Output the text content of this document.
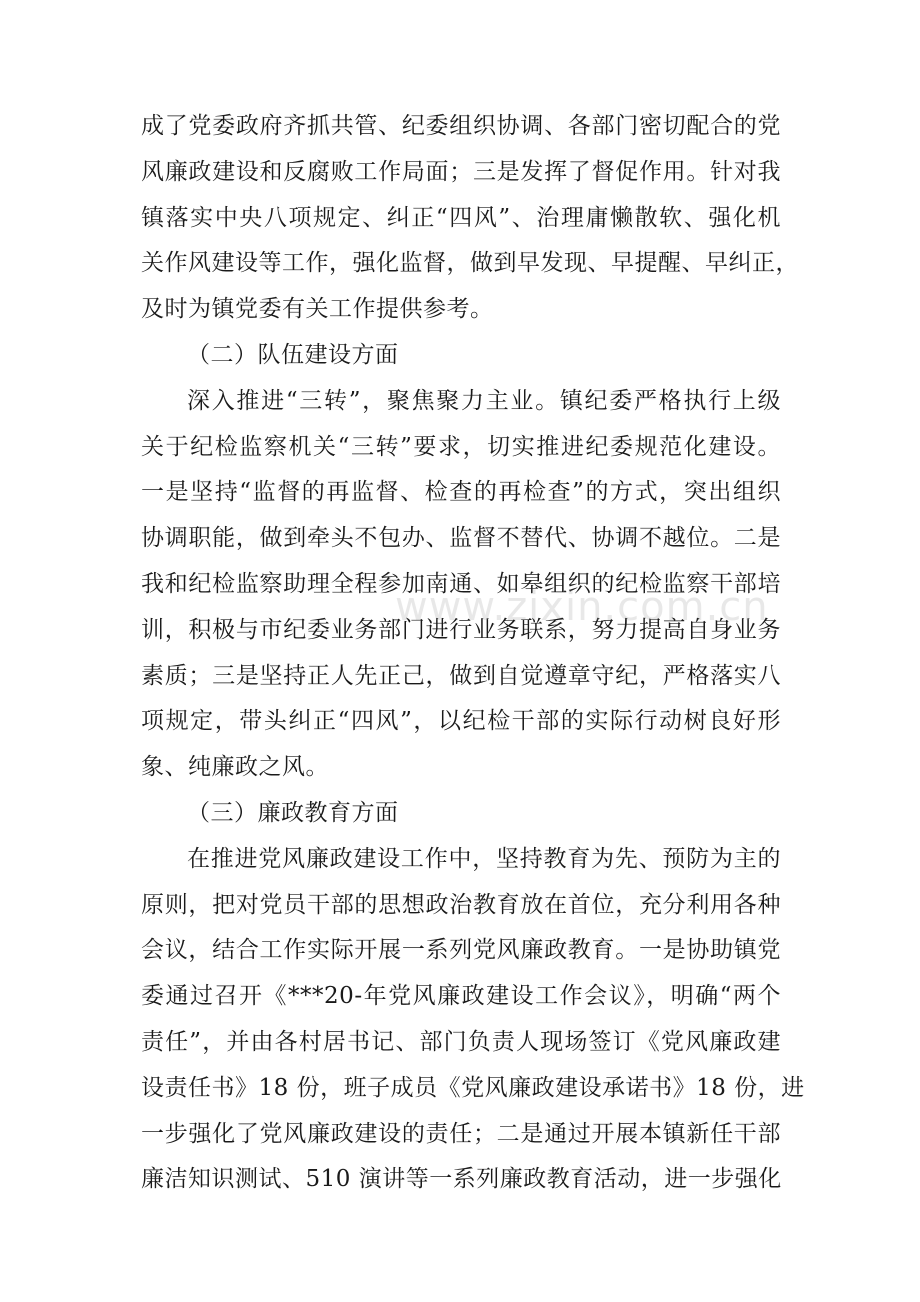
成了党委政府齐抓共管、纪委组织协调、各部门密切配合的党
风廉政建设和反腐败工作局面；三是发挥了督促作用。针对我
镇落实中央八项规定、纠正“四风”、治理庸懒散软、强化机
关作风建设等工作，强化监督，做到早发现、早提醒、早纠正，
及时为镇党委有关工作提供参考。
（二）队伍建设方面
深入推进“三转”，聚焦聚力主业。镇纪委严格执行上级
关于纪检监察机关“三转”要求，切实推进纪委规范化建设。
一是坚持“监督的再监督、检查的再检查”的方式，突出组织
协调职能，做到牵头不包办、监督不替代、协调不越位。二是
我和纪检监察助理全程参加南通、如皋组织的纪检监察干部培
训，积极与市纪委业务部门进行业务联系，努力提高自身业务
素质；三是坚持正人先正己，做到自觉遵章守纪，严格落实八
项规定，带头纠正“四风”，以纪检干部的实际行动树良好形
象、纯廉政之风。
（三）廉政教育方面
在推进党风廉政建设工作中，坚持教育为先、预防为主的
原则，把对党员干部的思想政治教育放在首位，充分利用各种
会议，结合工作实际开展一系列党风廉政教育。一是协助镇党
委通过召开《***20-年党风廉政建设工作会议》，明确“两个
责任”，并由各村居书记、部门负责人现场签订《党风廉政建
设责任书》18 份，班子成员《党风廉政建设承诺书》18 份，进
一步强化了党风廉政建设的责任；二是通过开展本镇新任干部
廉洁知识测试、510 演讲等一系列廉政教育活动，进一步强化
www.zixin.com.cn
